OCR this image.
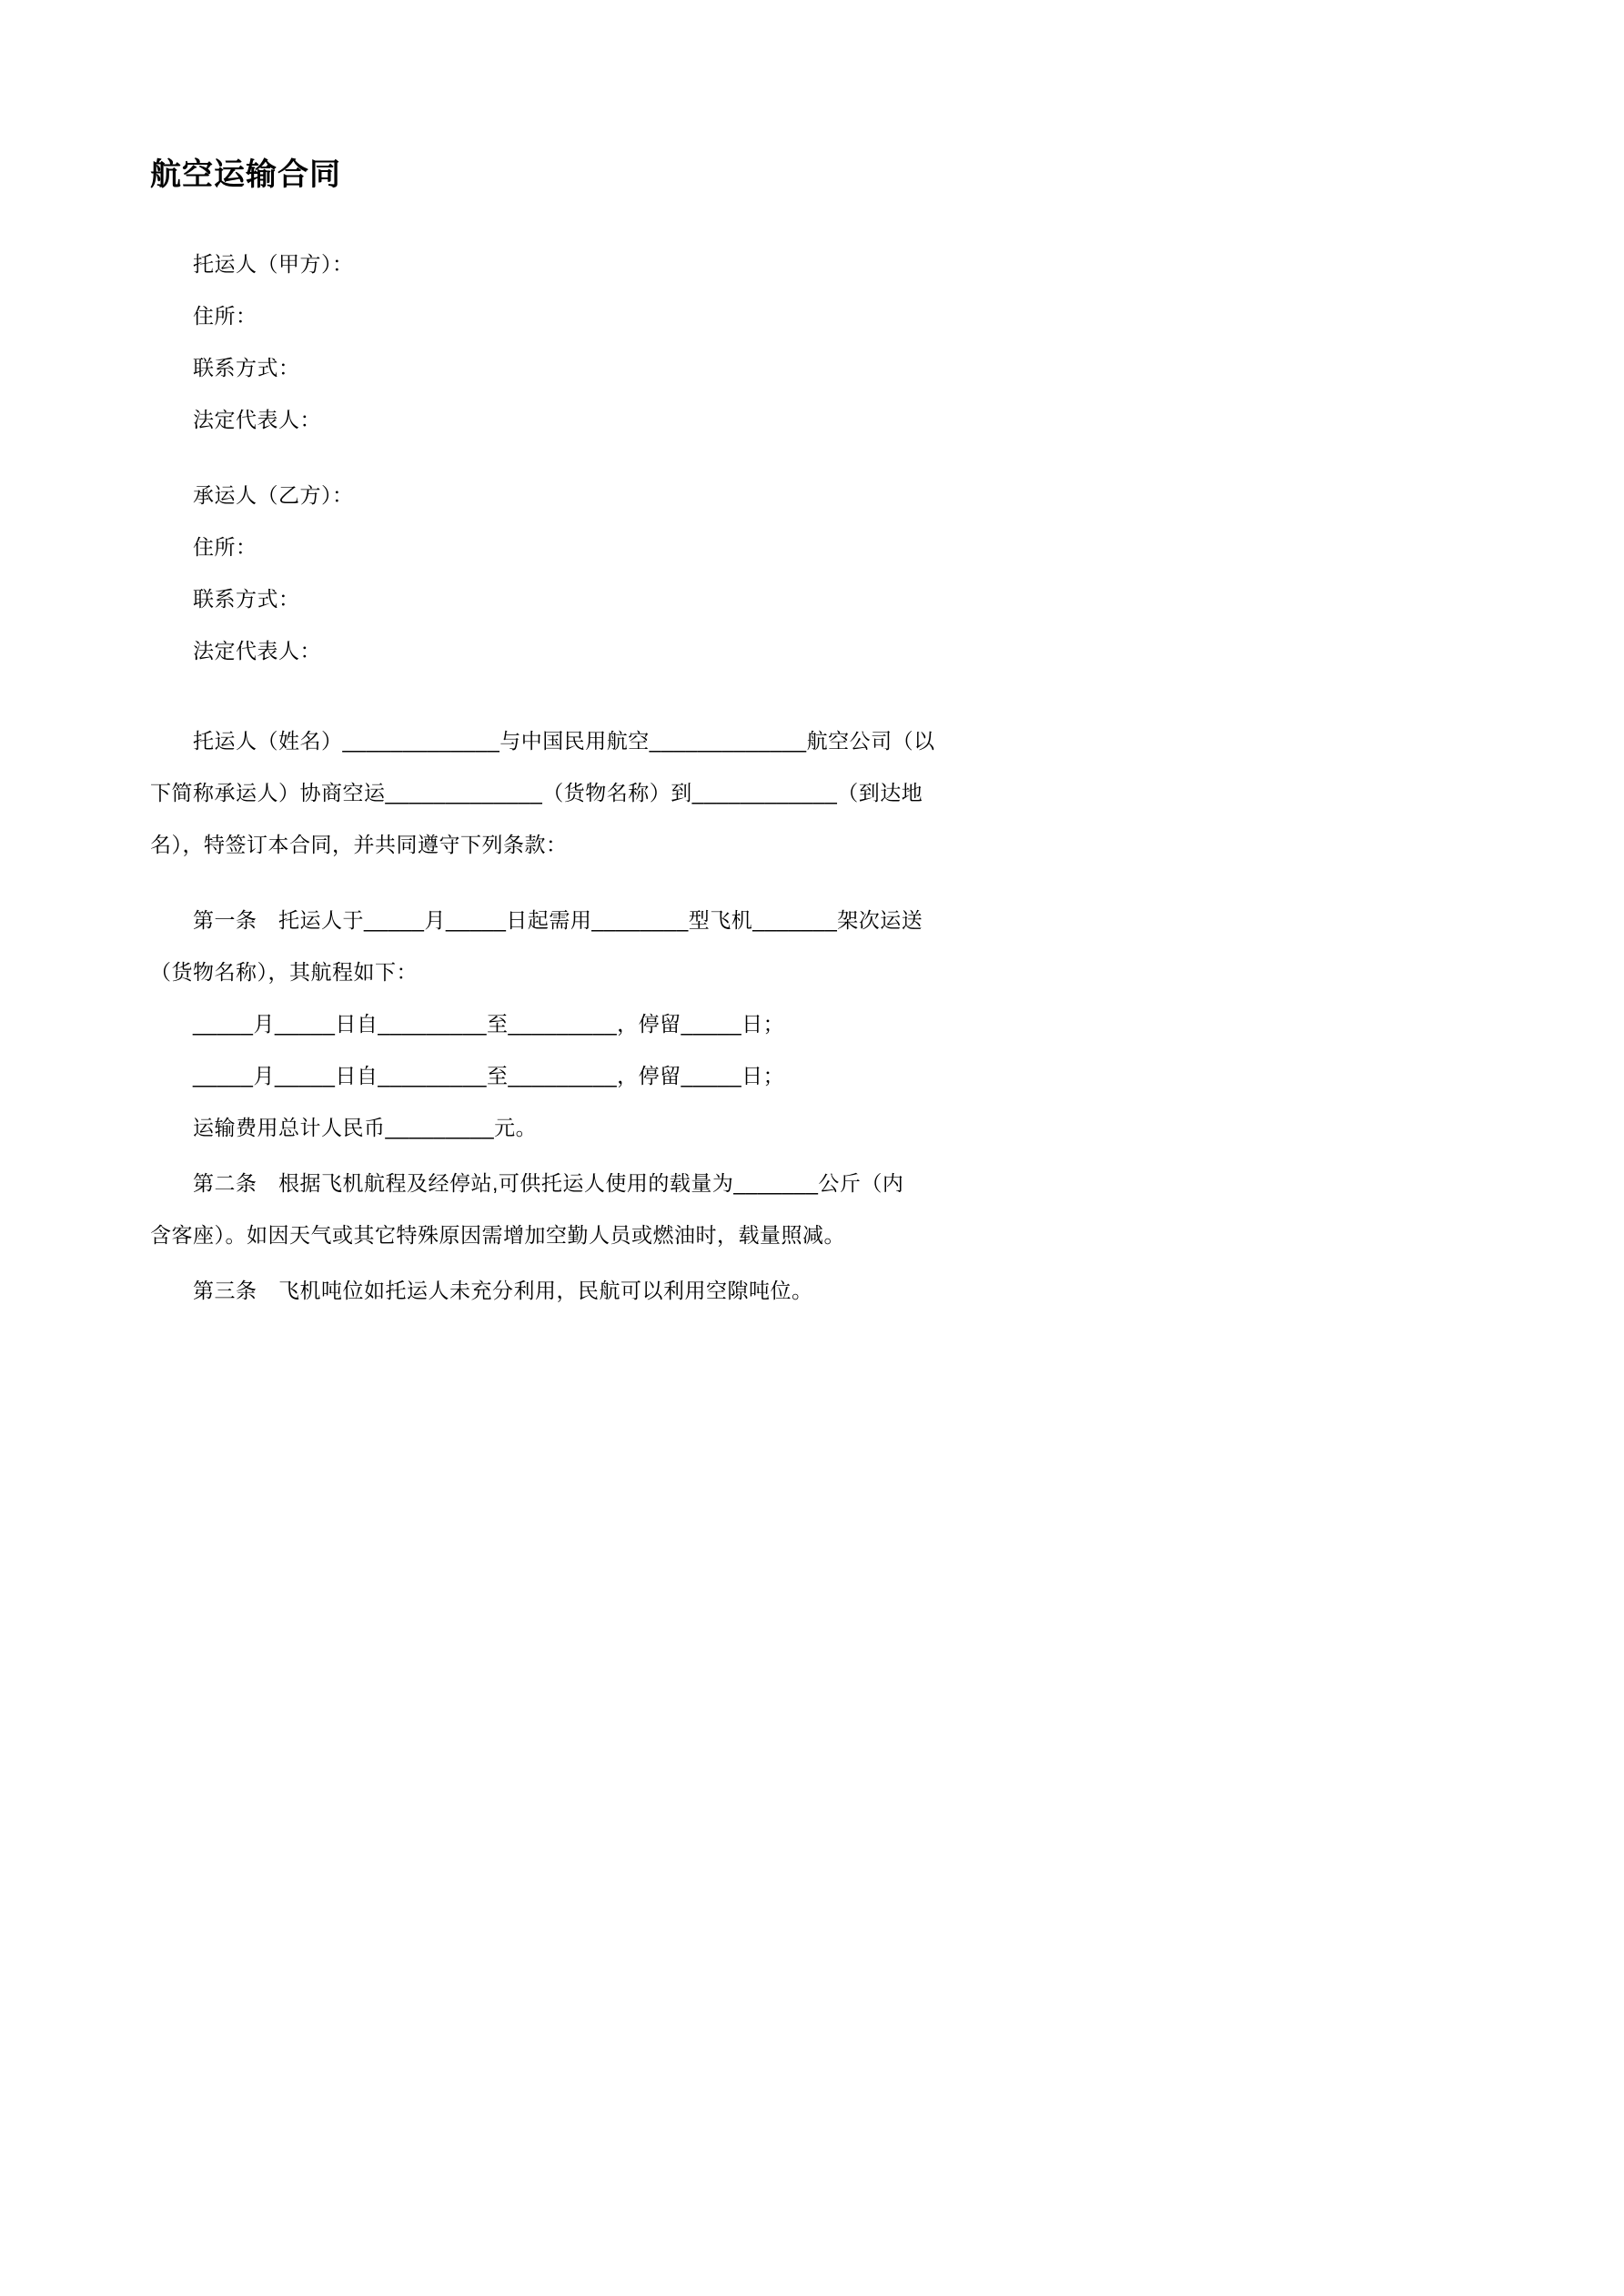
航空运输合同

托运人（甲方）：

住所：

联系方式：

法定代表人：

承运人（乙方）：

住所：

联系方式：

法定代表人：

托运人（姓名）_____________与中国民用航空_____________航空公司（以

下简称承运人）协商空运_____________（货物名称）到____________（到达地

名），特签订本合同，并共同遵守下列条款：

第一条　托运人于_____月_____日起需用________型飞机_______架次运送

（货物名称），其航程如下：

_____月_____日自_________至_________，停留_____日；

_____月_____日自_________至_________，停留_____日；

运输费用总计人民币_________元。

第二条　根据飞机航程及经停站,可供托运人使用的载量为_______公斤（内

含客座）。如因天气或其它特殊原因需增加空勤人员或燃油时，载量照减。

第三条　飞机吨位如托运人未充分利用，民航可以利用空隙吨位。
